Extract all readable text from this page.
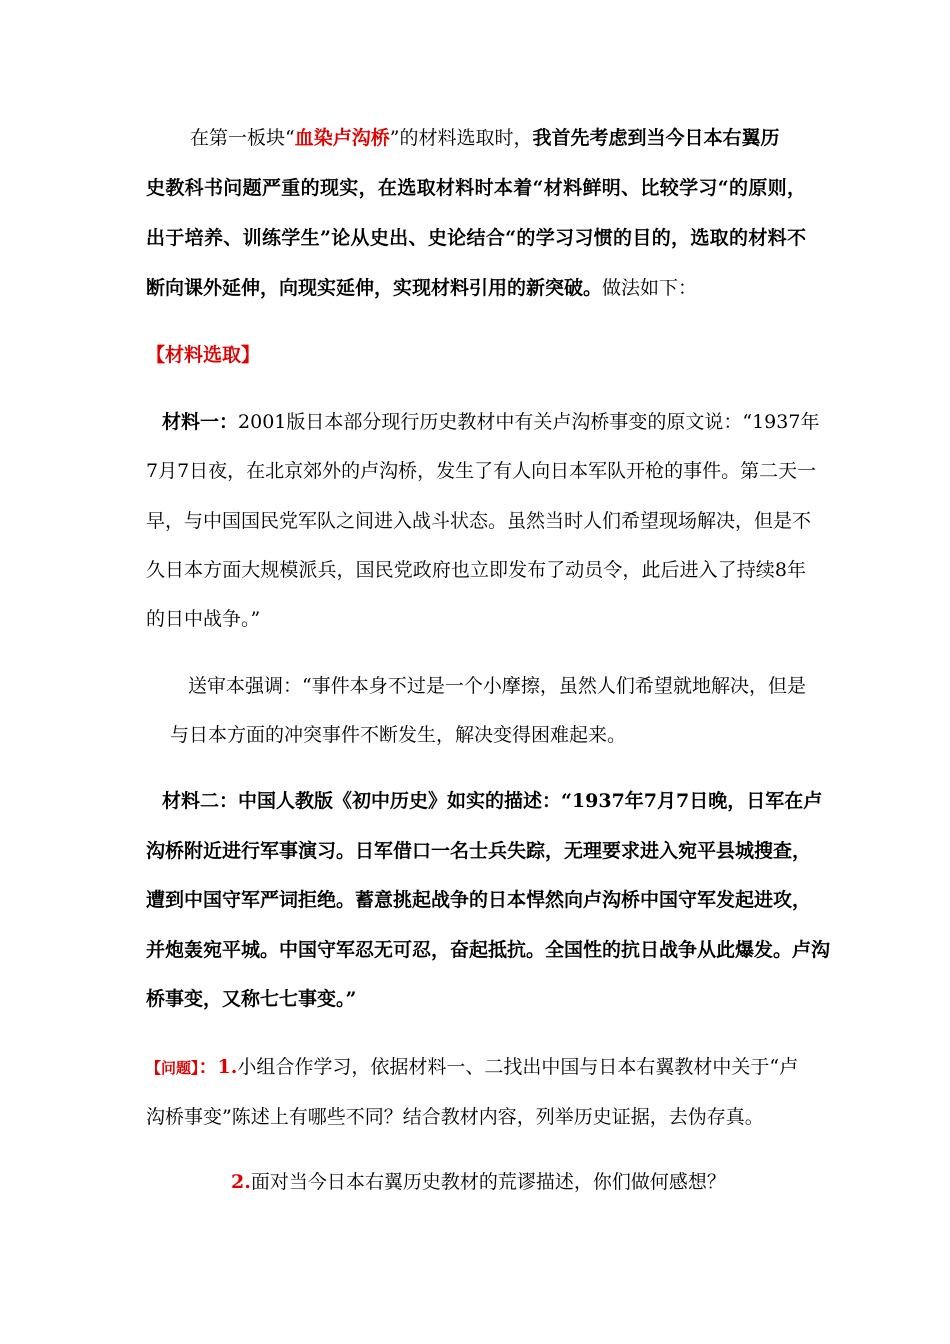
在第一板块“血染卢沟桥”的材料选取时，我首先考虑到当今日本右翼历
史教科书问题严重的现实，在选取材料时本着“材料鲜明、比较学习“的原则，
出于培养、训练学生”论从史出、史论结合“的学习习惯的目的，选取的材料不
断向课外延伸，向现实延伸，实现材料引用的新突破。做法如下：
【材料选取】
材料一：2001版日本部分现行历史教材中有关卢沟桥事变的原文说：“1937年
7月7日夜，在北京郊外的卢沟桥，发生了有人向日本军队开枪的事件。第二天一
早，与中国国民党军队之间进入战斗状态。虽然当时人们希望现场解决，但是不
久日本方面大规模派兵，国民党政府也立即发布了动员令，此后进入了持续8年
的日中战争。”
送审本强调：“事件本身不过是一个小摩擦，虽然人们希望就地解决，但是
与日本方面的冲突事件不断发生，解决变得困难起来。
材料二：中国人教版《初中历史》如实的描述：“1937年7月7日晚，日军在卢
沟桥附近进行军事演习。日军借口一名士兵失踪，无理要求进入宛平县城搜查，
遭到中国守军严词拒绝。蓄意挑起战争的日本悍然向卢沟桥中国守军发起进攻，
并炮轰宛平城。中国守军忍无可忍，奋起抵抗。全国性的抗日战争从此爆发。卢沟
桥事变，又称七七事变。”
【问题】：1.小组合作学习，依据材料一、二找出中国与日本右翼教材中关于“卢
沟桥事变”陈述上有哪些不同？结合教材内容，列举历史证据，去伪存真。
2.面对当今日本右翼历史教材的荒谬描述，你们做何感想？
